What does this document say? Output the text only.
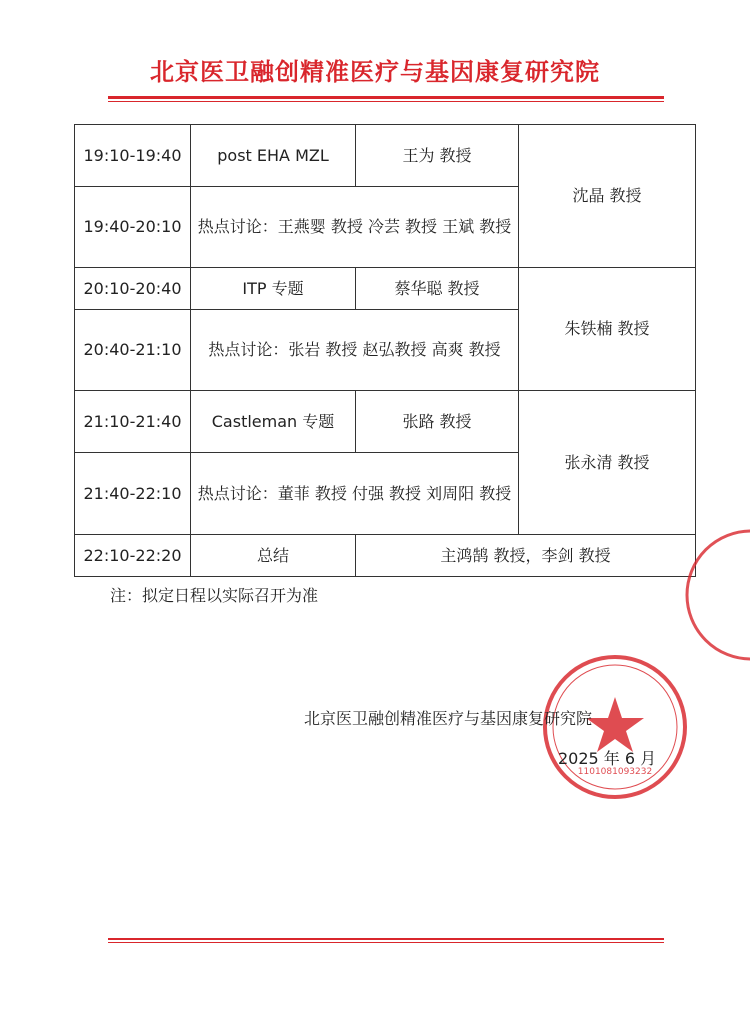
北京医卫融创精准医疗与基因康复研究院
19:10-19:40	post EHA MZL	王为 教授	沈晶 教授
19:40-20:10	热点讨论：王燕婴 教授 冷芸 教授 王斌 教授		
20:10-20:40	ITP 专题	蔡华聪 教授	朱铁楠 教授
20:40-21:10	热点讨论：张岩 教授 赵弘教授 高爽 教授		
21:10-21:40	Castleman 专题	张路 教授	张永清 教授
21:40-22:10	热点讨论：董菲 教授 付强 教授 刘周阳 教授		
22:10-22:20	总结	主鸿鹄 教授，李剑 教授	
注：拟定日程以实际召开为准
1101081093232
北京医卫融创精准医疗与基因康复研究院
2025 年 6 月
